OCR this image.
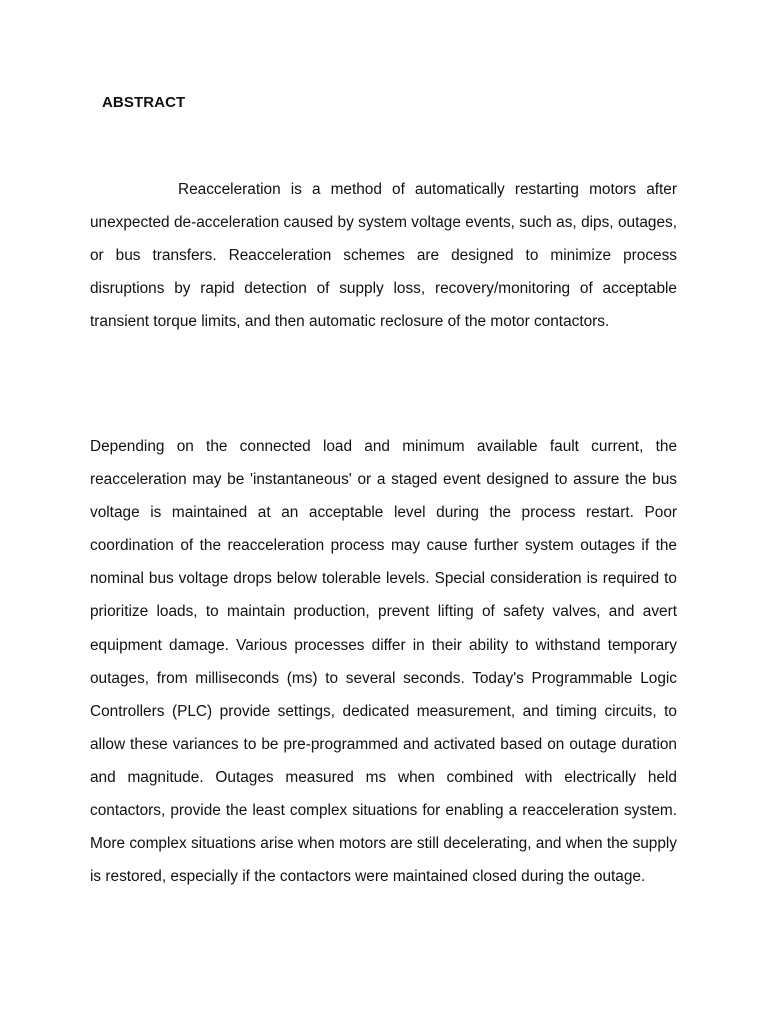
ABSTRACT

Reacceleration is a method of automatically restarting motors after unexpected de-acceleration caused by system voltage events, such as, dips, outages, or bus transfers. Reacceleration schemes are designed to minimize process disruptions by rapid detection of supply loss, recovery/monitoring of acceptable transient torque limits, and then automatic reclosure of the motor contactors.

Depending on the connected load and minimum available fault current, the reacceleration may be 'instantaneous' or a staged event designed to assure the bus voltage is maintained at an acceptable level during the process restart. Poor coordination of the reacceleration process may cause further system outages if the nominal bus voltage drops below tolerable levels. Special consideration is required to prioritize loads, to maintain production, prevent lifting of safety valves, and avert equipment damage. Various processes differ in their ability to withstand temporary outages, from milliseconds (ms) to several seconds. Today's Programmable Logic Controllers (PLC) provide settings, dedicated measurement, and timing circuits, to allow these variances to be pre-programmed and activated based on outage duration and magnitude. Outages measured ms when combined with electrically held contactors, provide the least complex situations for enabling a reacceleration system. More complex situations arise when motors are still decelerating, and when the supply is restored, especially if the contactors were maintained closed during the outage.
